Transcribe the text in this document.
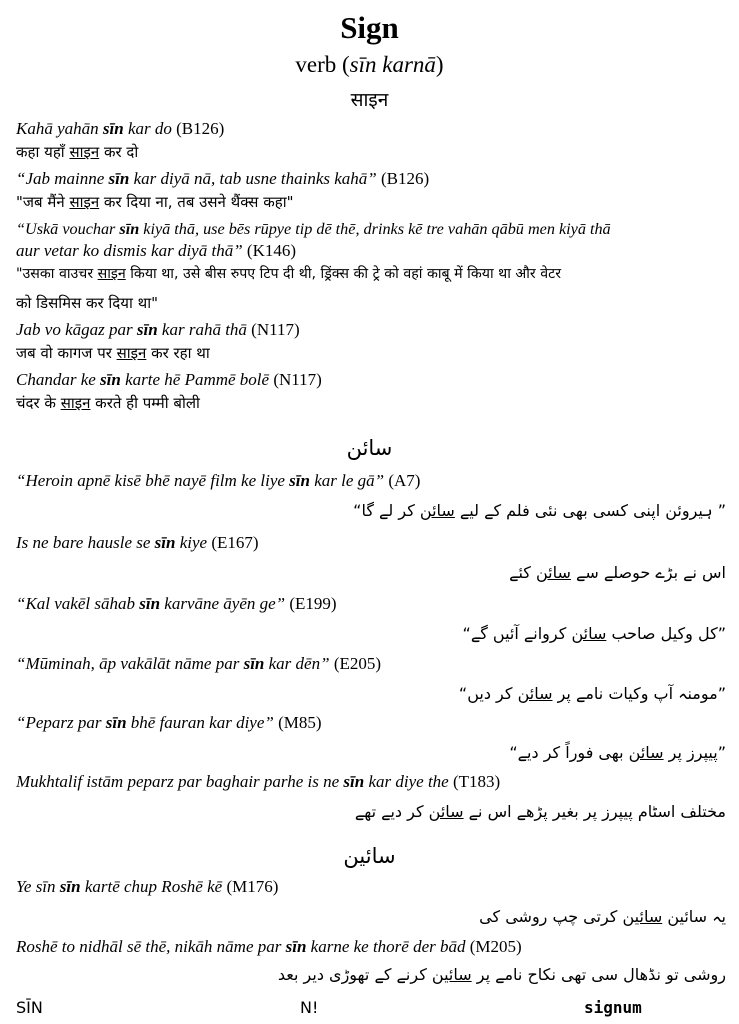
Sign
verb (sīn karnā)
साइन
Kahā yahān sīn kar do (B126)
कहा यहाँ साइन कर दो
“Jab mainne sīn kar diyā nā, tab usne thainks kahā” (B126)
"जब मैंने साइन कर दिया ना, तब उसने थैंक्स कहा"
“Uskā vouchar sīn kiyā thā, use bēs rūpye tip dē thē, drinks kē tre vahān qābū men kiyā thā
aur vetar ko dismis kar diyā thā” (K146)
"उसका वाउचर साइन किया था, उसे बीस रुपए टिप दी थी, ड्रिंक्स की ट्रे को वहां काबू में किया था और वेटर
को डिसमिस कर दिया था"
Jab vo kāgaz par sīn kar rahā thā (N117)
जब वो कागज पर साइन कर रहा था
Chandar ke sīn karte hē Pammē bolē (N117)
चंदर के साइन करते ही पम्मी बोली
سائن
“Heroin apnē kisē bhē nayē film ke liye sīn kar le gā” (A7)
” ہیروئن اپنی کسی بھی نئی فلم کے لیے سائن کر لے گا“
Is ne bare hausle se sīn kiye (E167)
اس نے بڑے حوصلے سے سائن کئے
“Kal vakēl sāhab sīn karvāne āyēn ge” (E199)
”کل وکیل صاحب سائن کروانے آئیں گے“
“Mūminah, āp vakālāt nāme par sīn kar dēn” (E205)
”مومنہ آپ وکیات نامے پر سائن کر دیں“
“Peparz par sīn bhē fauran kar diye” (M85)
”پیپرز پر سائن بھی فوراً کر دیے“
Mukhtalif istām peparz par baghair parhe is ne sīn kar diye the (T183)
مختلف اسٹام پیپرز پر بغیر پڑھے اس نے سائن کر دیے تھے
سائین
Ye sīn sīn kartē chup Roshē kē (M176)
یہ سائین سائین کرتی چپ روشی کی
Roshē to nidhāl sē thē, nikāh nāme par sīn karne ke thorē der bād (M205)
روشی تو نڈھال سی تھی نکاح نامے پر سائین کرنے کے تھوڑی دیر بعد
SĪN	N!	signum
